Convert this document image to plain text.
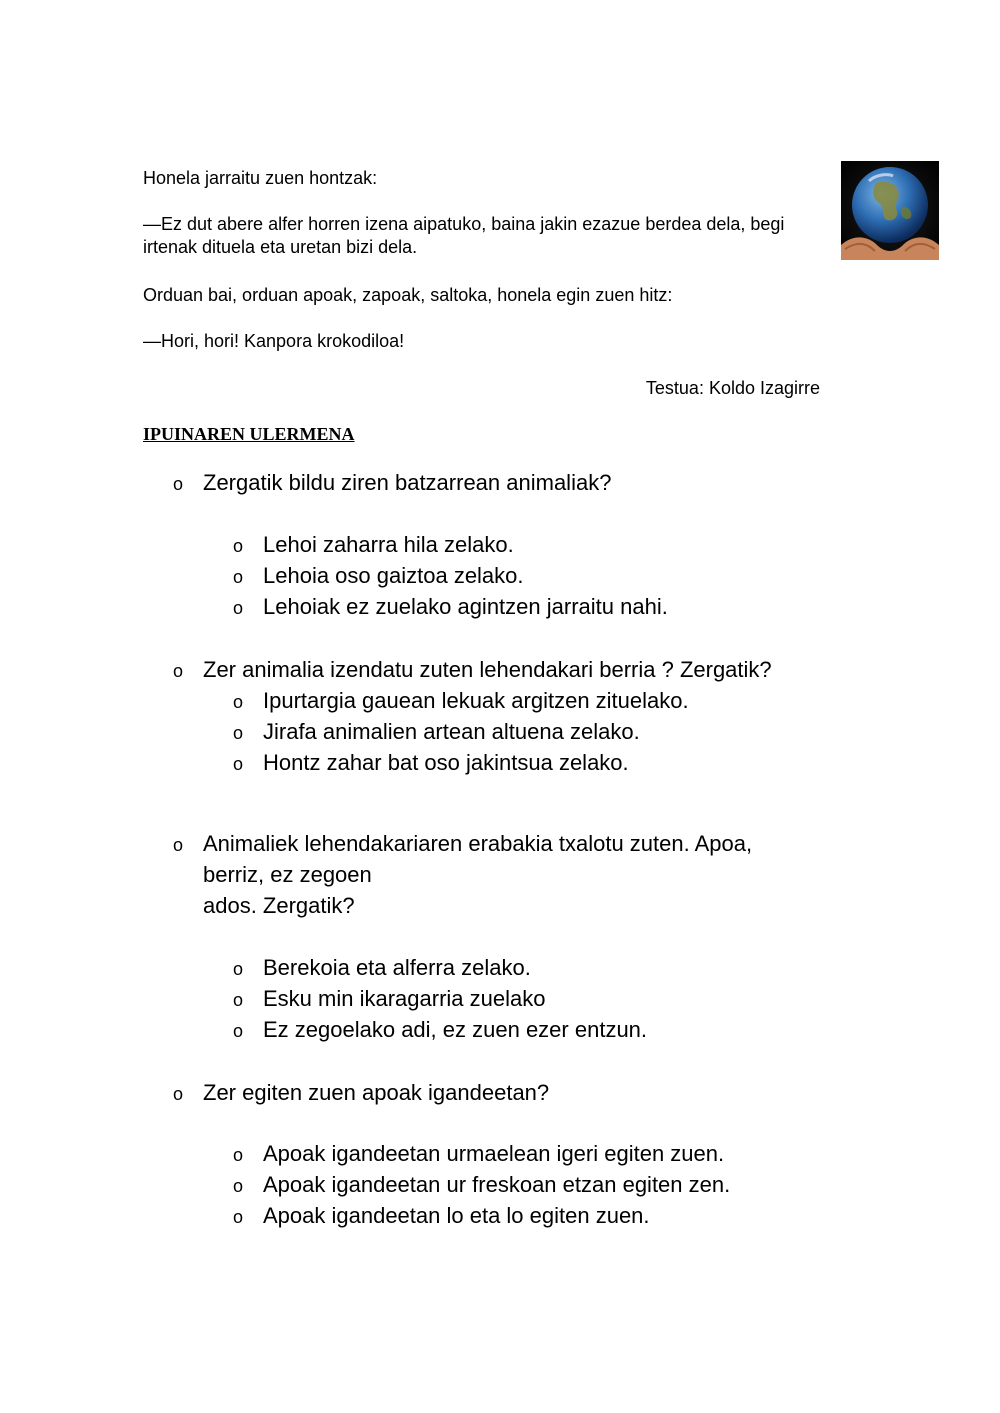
Honela jarraitu zuen hontzak:

—Ez dut abere alfer horren izena aipatuko, baina jakin ezazue berdea dela, begi irtenak dituela eta uretan bizi dela.

Orduan bai, orduan apoak, zapoak, saltoka, honela egin zuen hitz:

—Hori, hori! Kanpora krokodiloa!

Testua: Koldo Izagirre

IPUINAREN ULERMENA

o Zergatik bildu ziren batzarrean animaliak?

o Lehoi zaharra hila zelako.

o Lehoia oso gaiztoa zelako.

o Lehoiak ez zuelako agintzen jarraitu nahi.

o Zer animalia izendatu zuten lehendakari berria ? Zergatik?

o Ipurtargia gauean lekuak argitzen zituelako.

o Jirafa animalien artean altuena zelako.

o Hontz zahar bat oso jakintsua zelako.

o Animaliek lehendakariaren erabakia txalotu zuten. Apoa,
berriz, ez zegoen
ados. Zergatik?

o Berekoia eta alferra zelako.

o Esku min ikaragarria zuelako

o Ez zegoelako adi, ez zuen ezer entzun.

o Zer egiten zuen apoak igandeetan?

o Apoak igandeetan urmaelean igeri egiten zuen.

o Apoak igandeetan ur freskoan etzan egiten zen.

o Apoak igandeetan lo eta lo egiten zuen.
